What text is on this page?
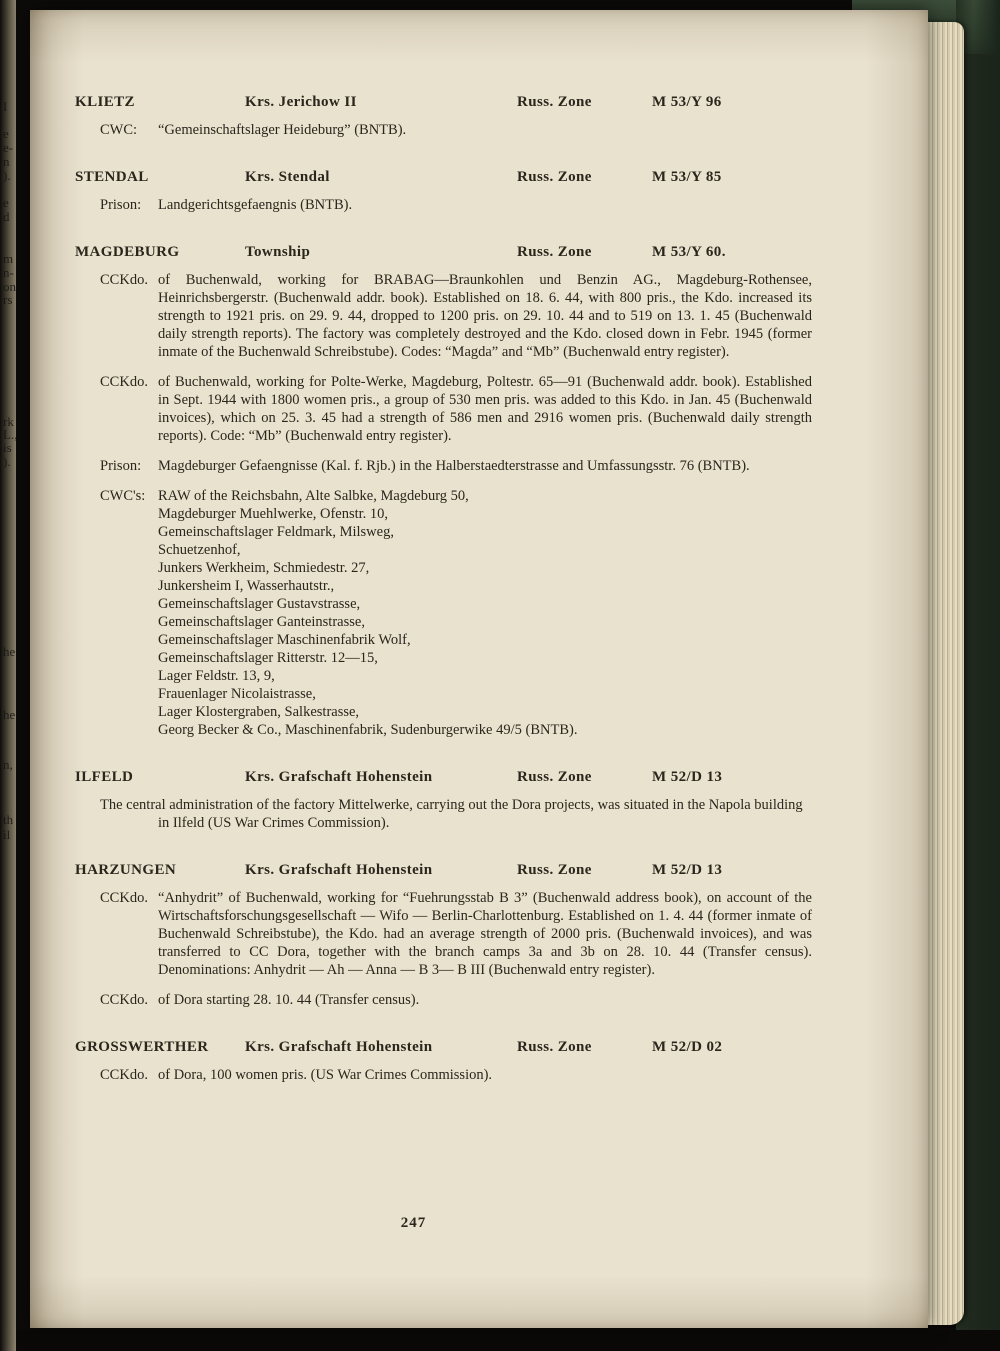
I
e
e-
n
).
e
d
m
n-
on
rs
rk
L.,
is
).
he
he
n,
th
il
KLIETZ	Krs. Jerichow II	Russ. Zone	M 53/Y 96
CWC:	“Gemeinschaftslager Heideburg” (BNTB).
STENDAL	Krs. Stendal	Russ. Zone	M 53/Y 85
Prison:	Landgerichtsgefaengnis (BNTB).
MAGDEBURG	Township	Russ. Zone	M 53/Y 60.
CCKdo. of Buchenwald, working for BRABAG—Braunkohlen und Benzin AG., Magdeburg-Rothensee, Heinrichsbergerstr. (Buchenwald addr. book). Established on 18. 6. 44, with 800 pris., the Kdo. increased its strength to 1921 pris. on 29. 9. 44, dropped to 1200 pris. on 29. 10. 44 and to 519 on 13. 1. 45 (Buchenwald daily strength reports). The factory was completely destroyed and the Kdo. closed down in Febr. 1945 (former inmate of the Buchenwald Schreibstube). Codes: “Magda” and “Mb” (Buchenwald entry register).
CCKdo. of Buchenwald, working for Polte-Werke, Magdeburg, Poltestr. 65—91 (Buchenwald addr. book). Established in Sept. 1944 with 1800 women pris., a group of 530 men pris. was added to this Kdo. in Jan. 45 (Buchenwald invoices), which on 25. 3. 45 had a strength of 586 men and 2916 women pris. (Buchenwald daily strength reports). Code: “Mb” (Buchenwald entry register).
Prison:	Magdeburger Gefaengnisse (Kal. f. Rjb.) in the Halberstaedterstrasse and Umfassungsstr. 76 (BNTB).
CWC's: RAW of the Reichsbahn, Alte Salbke, Magdeburg 50,
Magdeburger Muehlwerke, Ofenstr. 10,
Gemeinschaftslager Feldmark, Milsweg,
Schuetzenhof,
Junkers Werkheim, Schmiedestr. 27,
Junkersheim I, Wasserhautstr.,
Gemeinschaftslager Gustavstrasse,
Gemeinschaftslager Ganteinstrasse,
Gemeinschaftslager Maschinenfabrik Wolf,
Gemeinschaftslager Ritterstr. 12—15,
Lager Feldstr. 13, 9,
Frauenlager Nicolaistrasse,
Lager Klostergraben, Salkestrasse,
Georg Becker & Co., Maschinenfabrik, Sudenburgerwike 49/5 (BNTB).
ILFELD	Krs. Grafschaft Hohenstein	Russ. Zone	M 52/D 13
The central administration of the factory Mittelwerke, carrying out the Dora projects, was situated in the Napola building in Ilfeld (US War Crimes Commission).
HARZUNGEN	Krs. Grafschaft Hohenstein	Russ. Zone	M 52/D 13
CCKdo. “Anhydrit” of Buchenwald, working for “Fuehrungsstab B 3” (Buchenwald address book), on account of the Wirtschaftsforschungsgesellschaft — Wifo — Berlin-Charlottenburg. Established on 1. 4. 44 (former inmate of Buchenwald Schreibstube), the Kdo. had an average strength of 2000 pris. (Buchenwald invoices), and was transferred to CC Dora, together with the branch camps 3a and 3b on 28. 10. 44 (Transfer census). Denominations: Anhydrit — Ah — Anna — B 3— B III (Buchenwald entry register).
CCKdo. of Dora starting 28. 10. 44 (Transfer census).
GROSSWERTHER	Krs. Grafschaft Hohenstein	Russ. Zone	M 52/D 02
CCKdo. of Dora, 100 women pris. (US War Crimes Commission).
247
